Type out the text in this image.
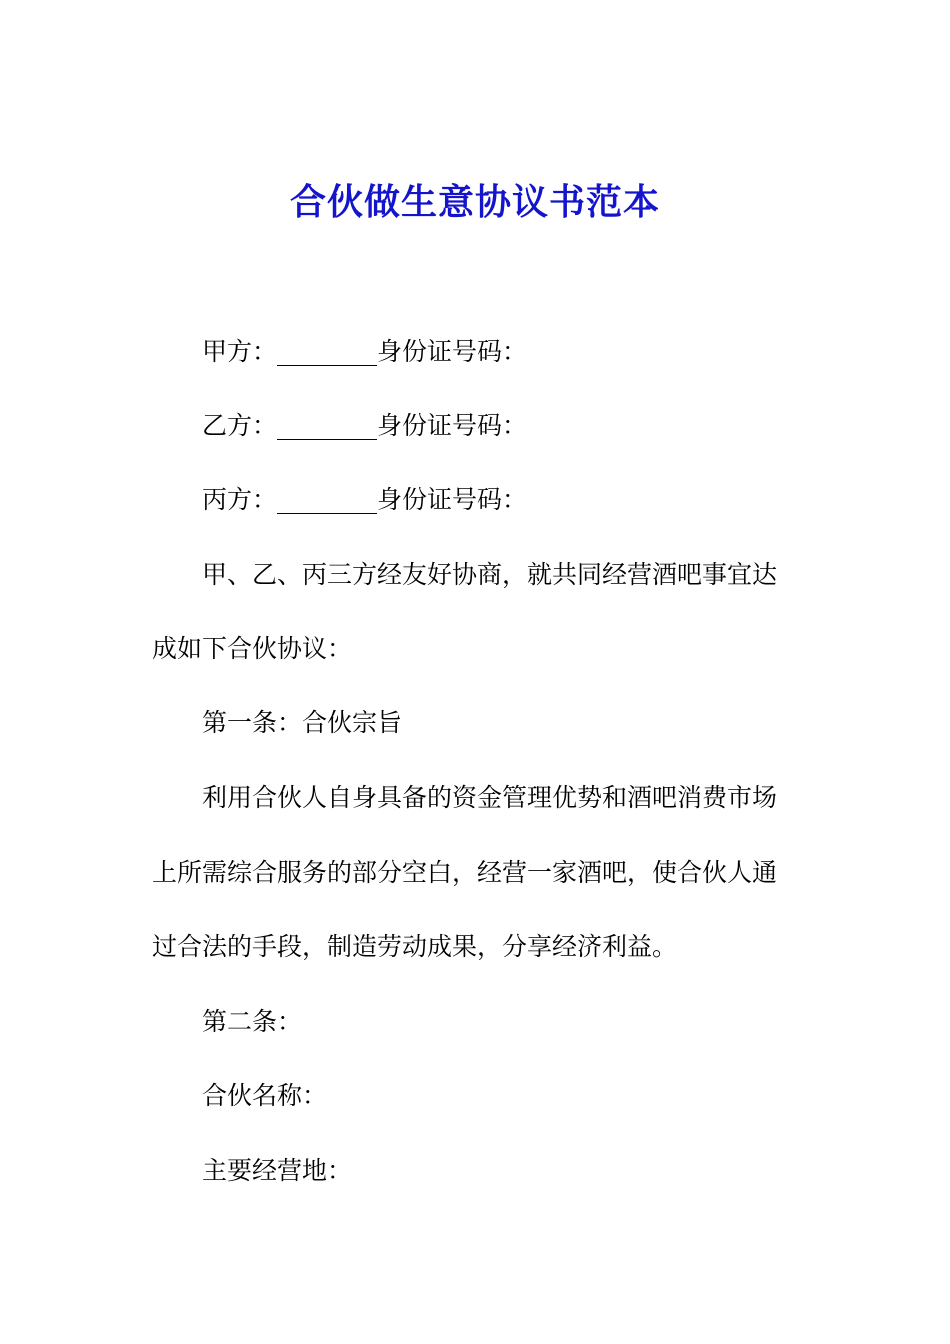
合伙做生意协议书范本

甲方：________身份证号码：

乙方：________身份证号码：

丙方：________身份证号码：

甲、乙、丙三方经友好协商，就共同经营酒吧事宜达

成如下合伙协议：

第一条：合伙宗旨

利用合伙人自身具备的资金管理优势和酒吧消费市场

上所需综合服务的部分空白，经营一家酒吧，使合伙人通

过合法的手段，制造劳动成果，分享经济利益。

第二条：

合伙名称：

主要经营地：
